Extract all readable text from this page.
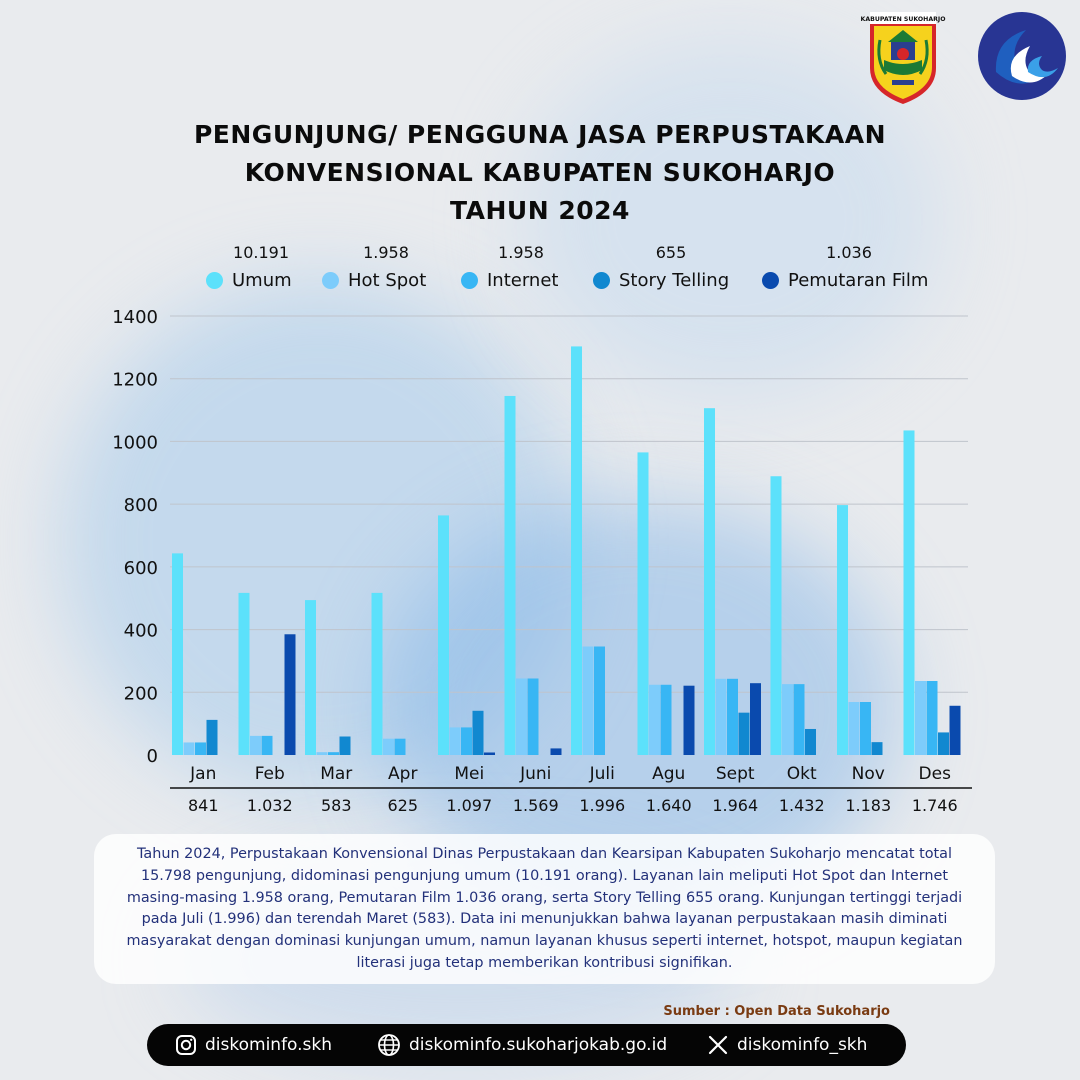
KABUPATEN SUKOHARJO
PENGUNJUNG/ PENGGUNA JASA PERPUSTAKAAN
KONVENSIONAL KABUPATEN SUKOHARJO
TAHUN 2024
10.191	1.958	1.958	655	1.036
Umum	Hot Spot	Internet	Story Telling	Pemutaran Film
0
200
400
600
800
1000
1200
1400
Jan
841
Feb
1.032
Mar
583
Apr
625
Mei
1.097
Juni
1.569
Juli
1.996
Agu
1.640
Sept
1.964
Okt
1.432
Nov
1.183
Des
1.746

Tahun 2024, Perpustakaan Konvensional Dinas Perpustakaan dan Kearsipan Kabupaten Sukoharjo mencatat total 15.798 pengunjung, didominasi pengunjung umum (10.191 orang). Layanan lain meliputi Hot Spot dan Internet masing-masing 1.958 orang, Pemutaran Film 1.036 orang, serta Story Telling 655 orang. Kunjungan tertinggi terjadi pada Juli (1.996) dan terendah Maret (583). Data ini menunjukkan bahwa layanan perpustakaan masih diminati masyarakat dengan dominasi kunjungan umum, namun layanan khusus seperti internet, hotspot, maupun kegiatan literasi juga tetap memberikan kontribusi signifikan.

Sumber : Open Data Sukoharjo
diskominfo.skh	diskominfo.sukoharjokab.go.id	diskominfo_skh
